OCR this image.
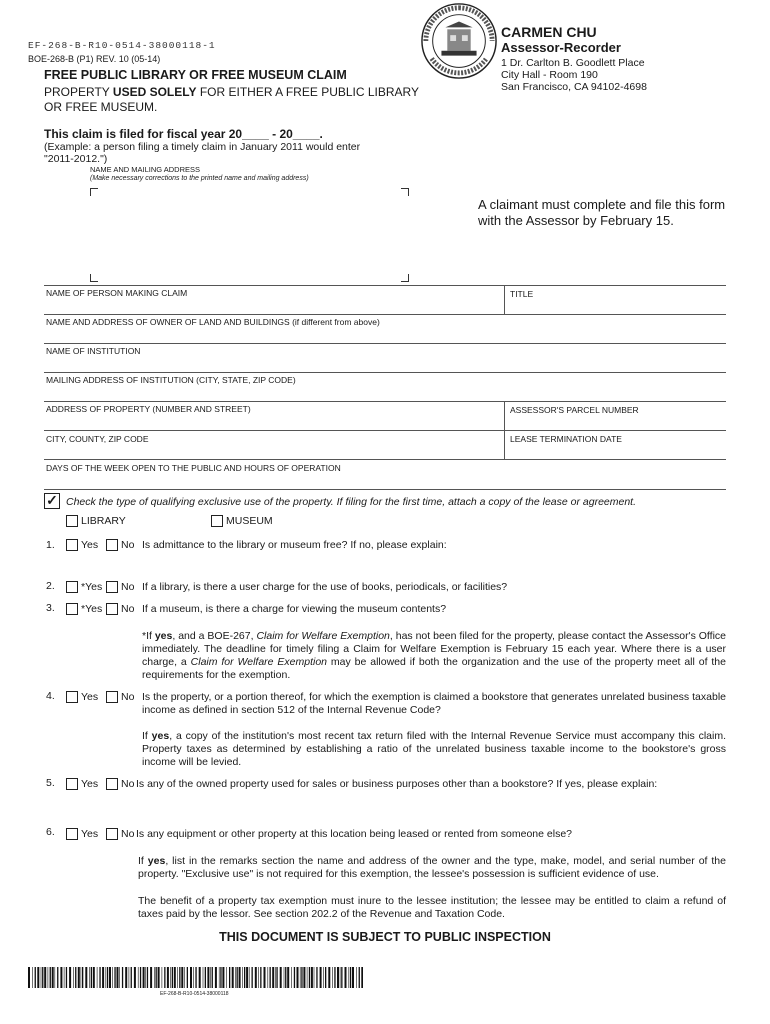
EF-268-B-R10-0514-38000118-1
BOE-268-B (P1) REV. 10 (05-14)
FREE PUBLIC LIBRARY OR FREE MUSEUM CLAIM
PROPERTY USED SOLELY FOR EITHER A FREE PUBLIC LIBRARY OR FREE MUSEUM.
CARMEN CHU
Assessor-Recorder
1 Dr. Carlton B. Goodlett Place
City Hall - Room 190
San Francisco, CA 94102-4698
This claim is filed for fiscal year 20____ - 20____.
(Example: a person filing a timely claim in January 2011 would enter "2011-2012.")
NAME AND MAILING ADDRESS
(Make necessary corrections to the printed name and mailing address)
A claimant must complete and file this form with the Assessor by February 15.
NAME OF PERSON MAKING CLAIM	TITLE
NAME AND ADDRESS OF OWNER OF LAND AND BUILDINGS (if different from above)
NAME OF INSTITUTION
MAILING ADDRESS OF INSTITUTION (CITY, STATE, ZIP CODE)
ADDRESS OF PROPERTY (NUMBER AND STREET)	ASSESSOR'S PARCEL NUMBER
CITY, COUNTY, ZIP CODE	LEASE TERMINATION DATE
DAYS OF THE WEEK OPEN TO THE PUBLIC AND HOURS OF OPERATION
✓ Check the type of qualifying exclusive use of the property. If filing for the first time, attach a copy of the lease or agreement.
LIBRARY	MUSEUM
1. Yes No Is admittance to the library or museum free? If no, please explain:
2. *Yes No If a library, is there a user charge for the use of books, periodicals, or facilities?
3. *Yes No If a museum, is there a charge for viewing the museum contents?
*If yes, and a BOE-267, Claim for Welfare Exemption, has not been filed for the property, please contact the Assessor's Office immediately. The deadline for timely filing a Claim for Welfare Exemption is February 15 each year. Where there is a user charge, a Claim for Welfare Exemption may be allowed if both the organization and the use of the property meet all of the requirements for the exemption.
4. Yes No Is the property, or a portion thereof, for which the exemption is claimed a bookstore that generates unrelated business taxable income as defined in section 512 of the Internal Revenue Code?
If yes, a copy of the institution's most recent tax return filed with the Internal Revenue Service must accompany this claim. Property taxes as determined by establishing a ratio of the unrelated business taxable income to the bookstore's gross income will be levied.
5. Yes No Is any of the owned property used for sales or business purposes other than a bookstore? If yes, please explain:
6. Yes No Is any equipment or other property at this location being leased or rented from someone else?
If yes, list in the remarks section the name and address of the owner and the type, make, model, and serial number of the property. "Exclusive use" is not required for this exemption, the lessee's possession is sufficient evidence of use.
The benefit of a property tax exemption must inure to the lessee institution; the lessee may be entitled to claim a refund of taxes paid by the lessor. See section 202.2 of the Revenue and Taxation Code.
THIS DOCUMENT IS SUBJECT TO PUBLIC INSPECTION
EF-268-B-R10-0514-38000118
